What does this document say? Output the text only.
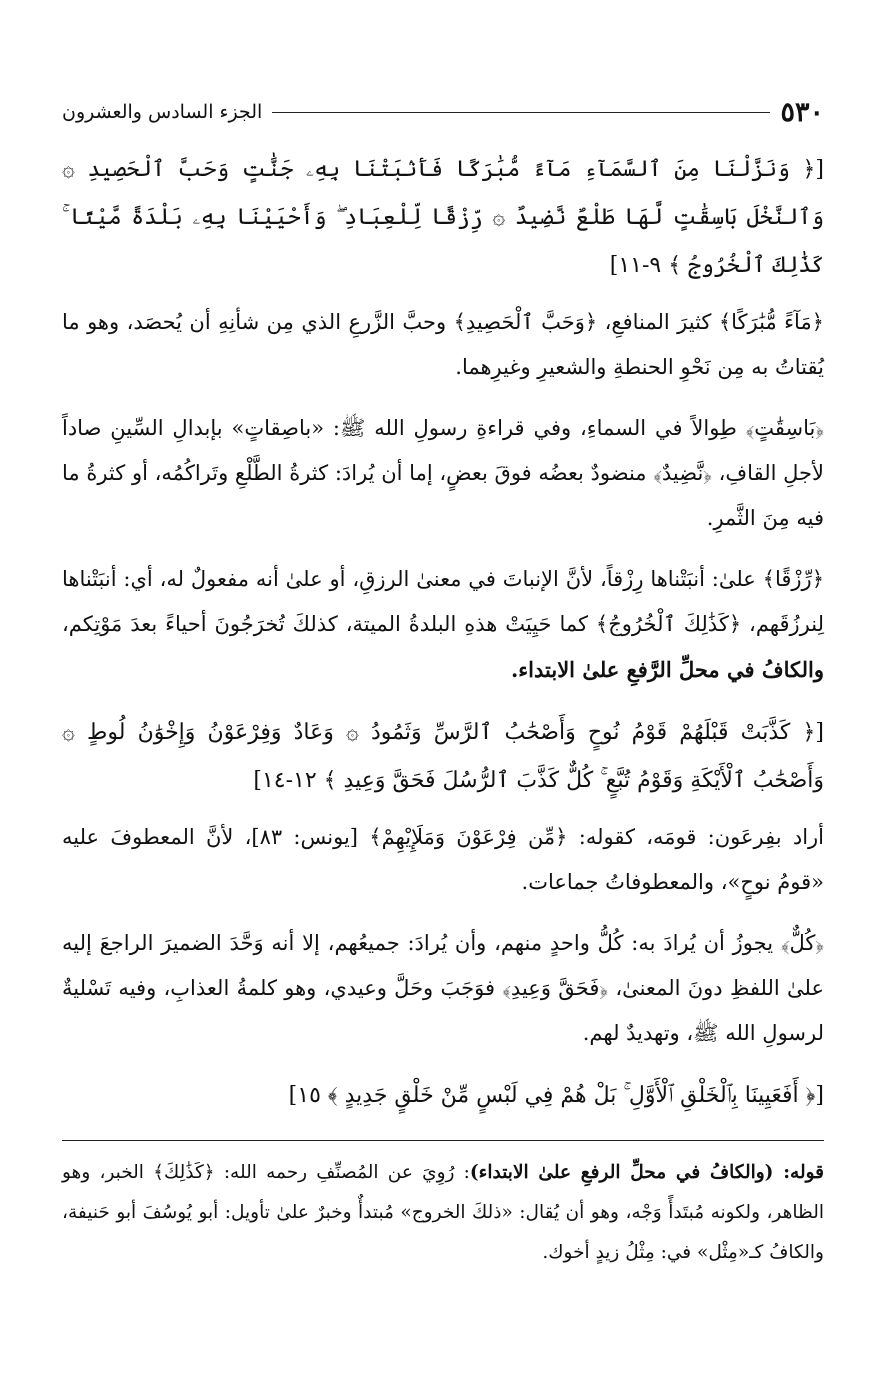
٥٣٠
الجزء السادس والعشرون

[﴿ وَنَزَّلْنَا مِنَ ٱلسَّمَآءِ مَآءً مُّبَٰرَكًا فَأَنۢبَتْنَا بِهِۦ جَنَّٰتٍ وَحَبَّ ٱلْحَصِيدِ ۞ وَٱلنَّخْلَ بَاسِقَٰتٍ لَّهَا طَلْعٌ نَّضِيدٌ ۞ رِّزْقًا لِّلْعِبَادِ ۖ وَأَحْيَيْنَا بِهِۦ بَلْدَةً مَّيْتًا ۚ كَذَٰلِكَ ٱلْخُرُوجُ ﴾ ٩-١١]

﴿مَآءً مُّبَٰرَكًا﴾ كثيرَ المنافعِ، ﴿وَحَبَّ ٱلْحَصِيدِ﴾ وحبَّ الزَّرعِ الذي مِن شأنِهِ أن يُحصَد، وهو ما يُقتاتُ به مِن نَحْوِ الحنطةِ والشعيرِ وغيرِهما.

﴿بَاسِقَٰتٍ﴾ طِوالاً في السماءِ، وفي قراءةِ رسولِ الله ﷺ: «باصِقاتٍ» بإبدالِ السِّينِ صاداً لأجلِ القافِ، ﴿نَّضِيدٌ﴾ منضودٌ بعضُه فوقَ بعضٍ، إما أن يُرادَ: كثرةُ الطَّلْعِ وتَراكُمُه، أو كثرةُ ما فيه مِنَ الثَّمرِ.

﴿رِّزْقًا﴾ علىٰ: أنبَتْناها رِزْقاً، لأنَّ الإنباتَ في معنىٰ الرزقِ، أو علىٰ أنه مفعولٌ له، أي: أنبَتْناها لِنرزُقَهم، ﴿كَذَٰلِكَ ٱلْخُرُوجُ﴾ كما حَيِيَتْ هذهِ البلدةُ الميتة، كذلكَ تُخرَجُونَ أحياءً بعدَ مَوْتِكم، والكافُ في محلِّ الرَّفعِ علىٰ الابتداء.

[﴿ كَذَّبَتْ قَبْلَهُمْ قَوْمُ نُوحٍ وَأَصْحَٰبُ ٱلرَّسِّ وَثَمُودُ ۞ وَعَادٌ وَفِرْعَوْنُ وَإِخْوَٰنُ لُوطٍ ۞ وَأَصْحَٰبُ ٱلْأَيْكَةِ وَقَوْمُ تُبَّعٍ ۚ كُلٌّ كَذَّبَ ٱلرُّسُلَ فَحَقَّ وَعِيدِ ﴾ ١٢-١٤]

أراد بفِرعَون: قومَه، كقوله: ﴿مِّن فِرْعَوْنَ وَمَلَإِيْهِمْ﴾ [يونس: ٨٣]، لأنَّ المعطوفَ عليه «قومُ نوحٍ»، والمعطوفاتُ جماعات.

﴿كُلٌّ﴾ يجوزُ أن يُرادَ به: كُلُّ واحدٍ منهم، وأن يُرادَ: جميعُهم، إلا أنه وَحَّدَ الضميرَ الراجعَ إليه علىٰ اللفظِ دونَ المعنىٰ، ﴿فَحَقَّ وَعِيدِ﴾ فوَجَبَ وحَلَّ وعيدي، وهو كلمةُ العذابِ، وفيه تَسْليةٌ لرسولِ الله ﷺ، وتهديدٌ لهم.

[﴿ أَفَعَيِينَا بِٱلْخَلْقِ ٱلْأَوَّلِ ۚ بَلْ هُمْ فِي لَبْسٍ مِّنْ خَلْقٍ جَدِيدٍ ﴾ ١٥]

قوله: (والكافُ في محلِّ الرفعِ علىٰ الابتداء): رُوِيَ عن المُصنِّفِ رحمه الله: ﴿كَذَٰلِكَ﴾ الخبر، وهو الظاهر، ولكونه مُبتَدأً وَجْه، وهو أن يُقال: «ذلكَ الخروج» مُبتدأٌ وخبرٌ علىٰ تأويل: أبو يُوسُفَ أبو حَنيفة، والكافُ كـ«مِثْل» في: مِثْلُ زيدٍ أخوك.
